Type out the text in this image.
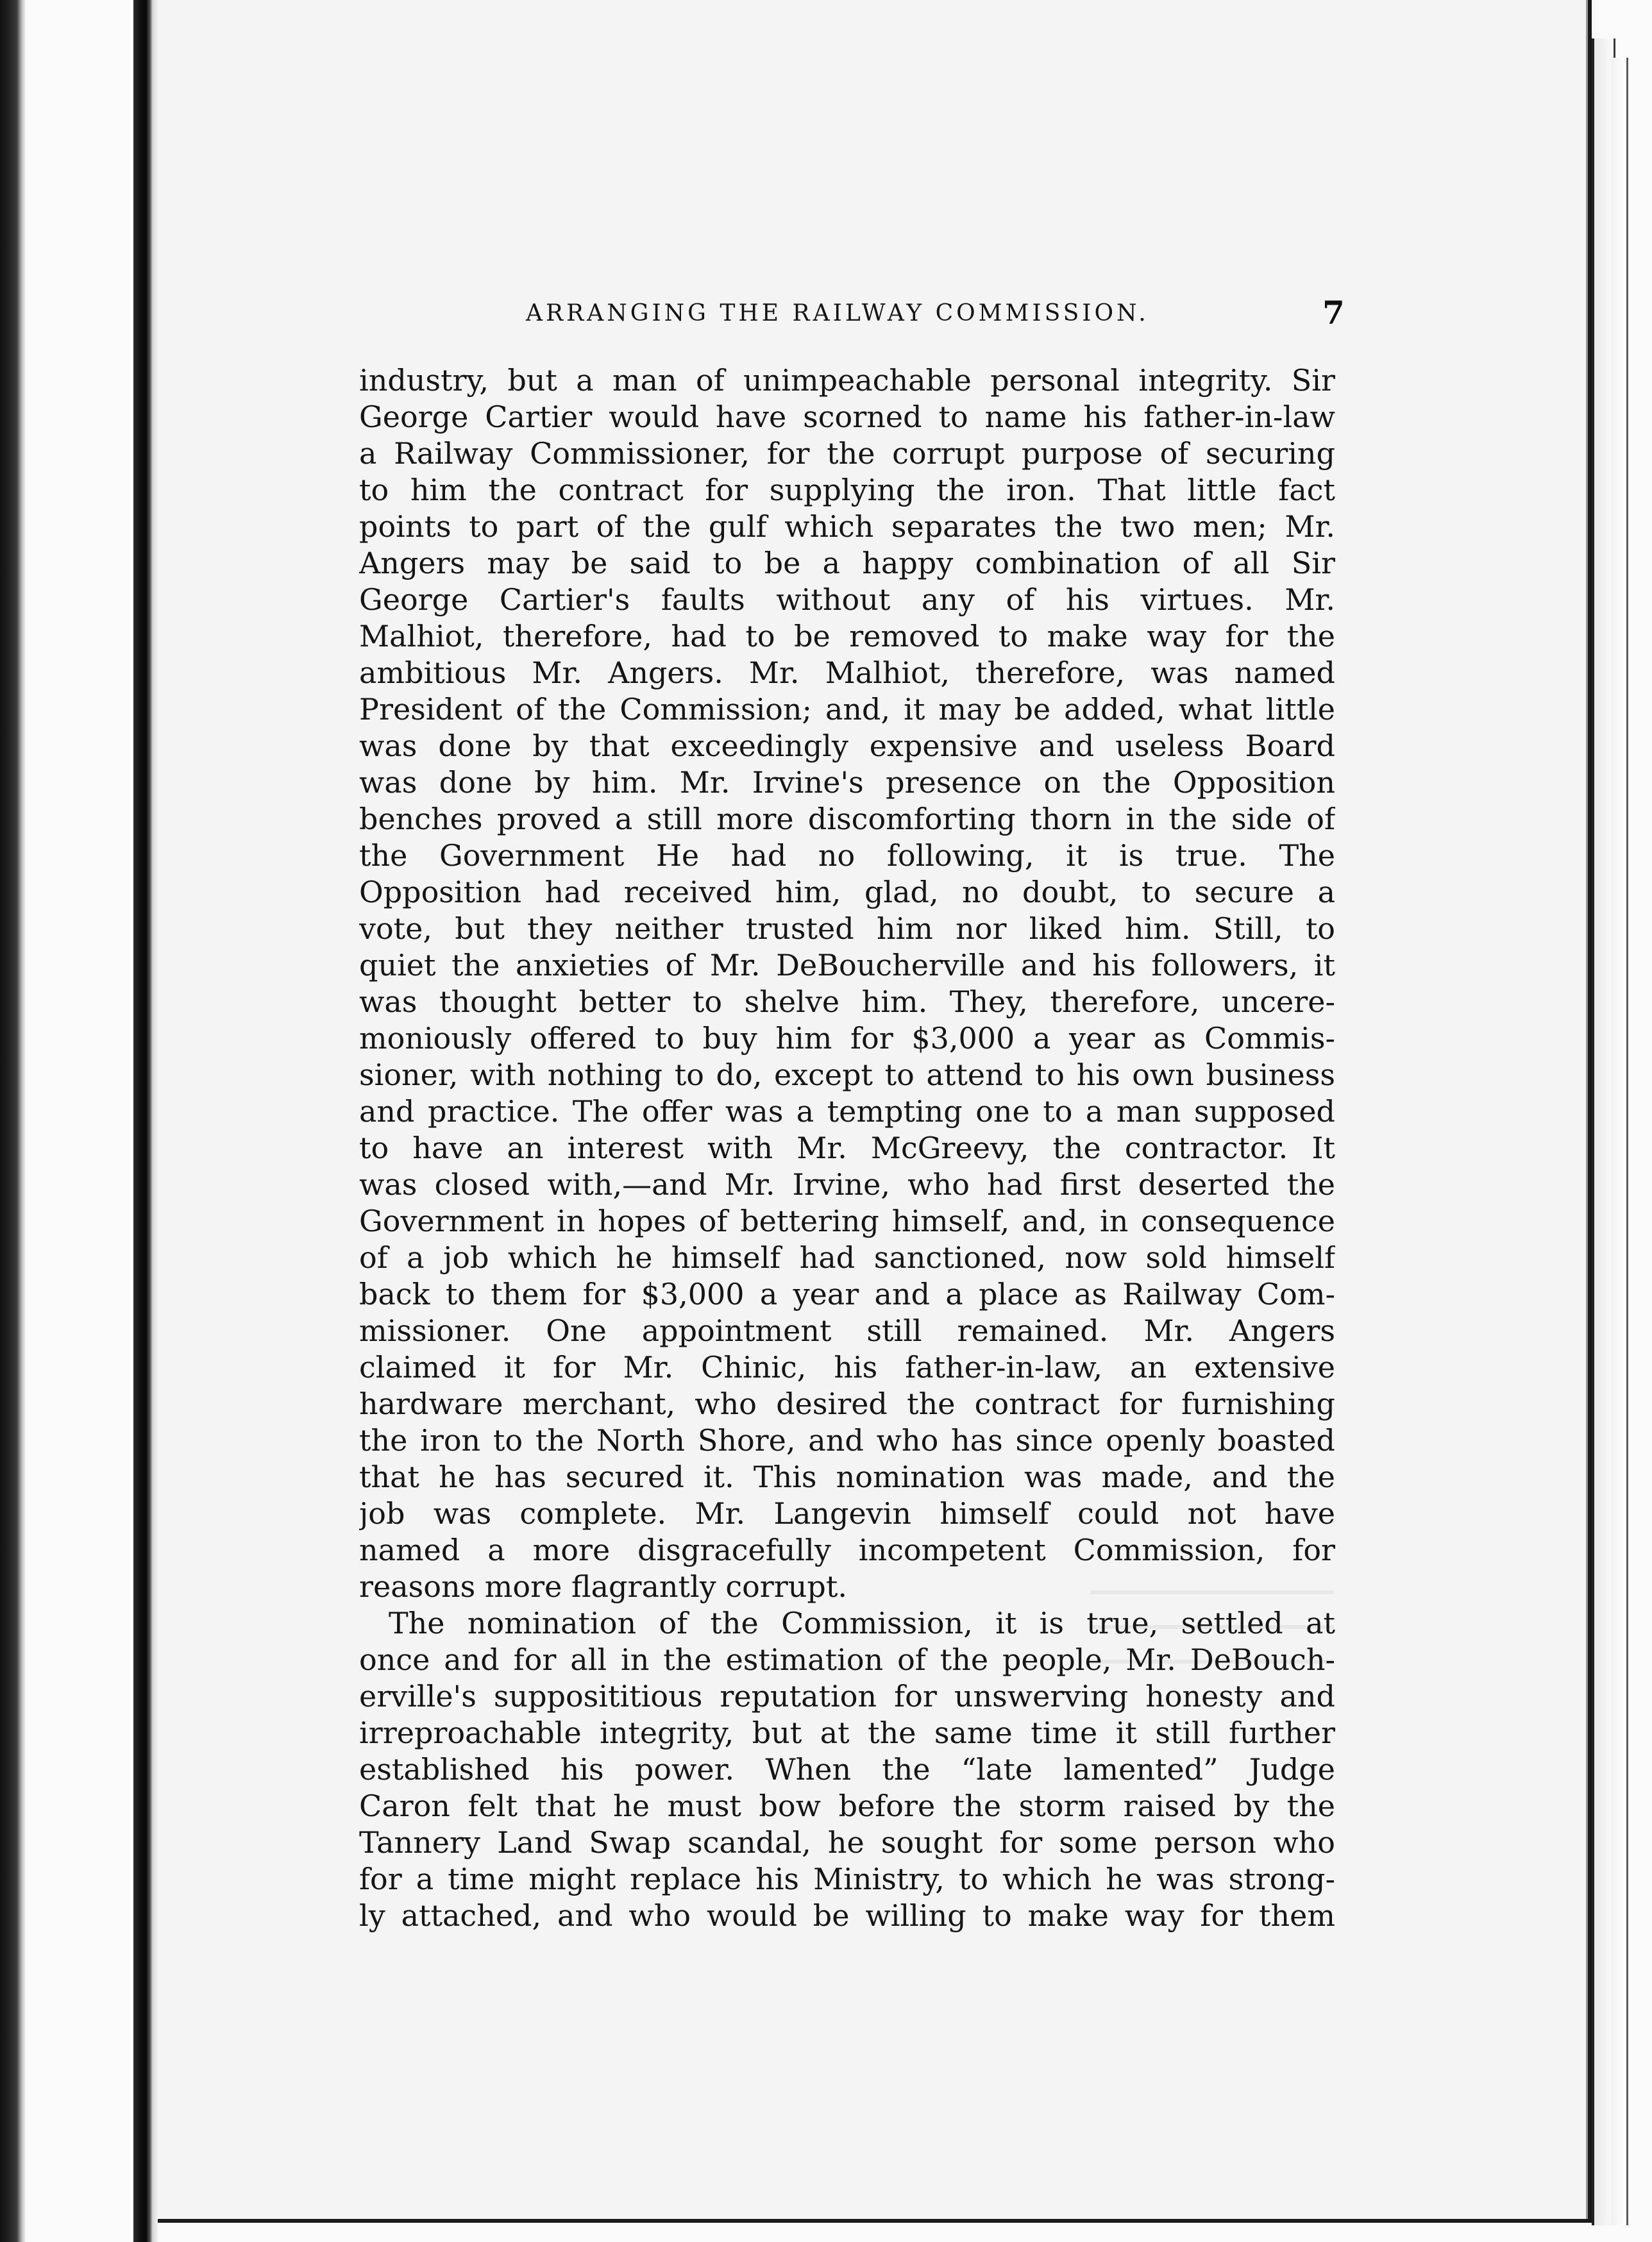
ARRANGING THE RAILWAY COMMISSION.	7
industry, but a man of unimpeachable personal integrity. Sir
George Cartier would have scorned to name his father-in-law
a Railway Commissioner, for the corrupt purpose of securing
to him the contract for supplying the iron. That little fact
points to part of the gulf which separates the two men; Mr.
Angers may be said to be a happy combination of all Sir
George Cartier's faults without any of his virtues. Mr.
Malhiot, therefore, had to be removed to make way for the
ambitious Mr. Angers. Mr. Malhiot, therefore, was named
President of the Commission; and, it may be added, what little
was done by that exceedingly expensive and useless Board
was done by him. Mr. Irvine's presence on the Opposition
benches proved a still more discomforting thorn in the side of
the Government He had no following, it is true. The
Opposition had received him, glad, no doubt, to secure a
vote, but they neither trusted him nor liked him. Still, to
quiet the anxieties of Mr. DeBoucherville and his followers, it
was thought better to shelve him. They, therefore, uncere-
moniously offered to buy him for $3,000 a year as Commis-
sioner, with nothing to do, except to attend to his own business
and practice. The offer was a tempting one to a man supposed
to have an interest with Mr. McGreevy, the contractor. It
was closed with,—and Mr. Irvine, who had first deserted the
Government in hopes of bettering himself, and, in consequence
of a job which he himself had sanctioned, now sold himself
back to them for $3,000 a year and a place as Railway Com-
missioner. One appointment still remained. Mr. Angers
claimed it for Mr. Chinic, his father-in-law, an extensive
hardware merchant, who desired the contract for furnishing
the iron to the North Shore, and who has since openly boasted
that he has secured it. This nomination was made, and the
job was complete. Mr. Langevin himself could not have
named a more disgracefully incompetent Commission, for
reasons more flagrantly corrupt.
The nomination of the Commission, it is true, settled at
once and for all in the estimation of the people, Mr. DeBouch-
erville's supposititious reputation for unswerving honesty and
irreproachable integrity, but at the same time it still further
established his power. When the “late lamented” Judge
Caron felt that he must bow before the storm raised by the
Tannery Land Swap scandal, he sought for some person who
for a time might replace his Ministry, to which he was strong-
ly attached, and who would be willing to make way for them
